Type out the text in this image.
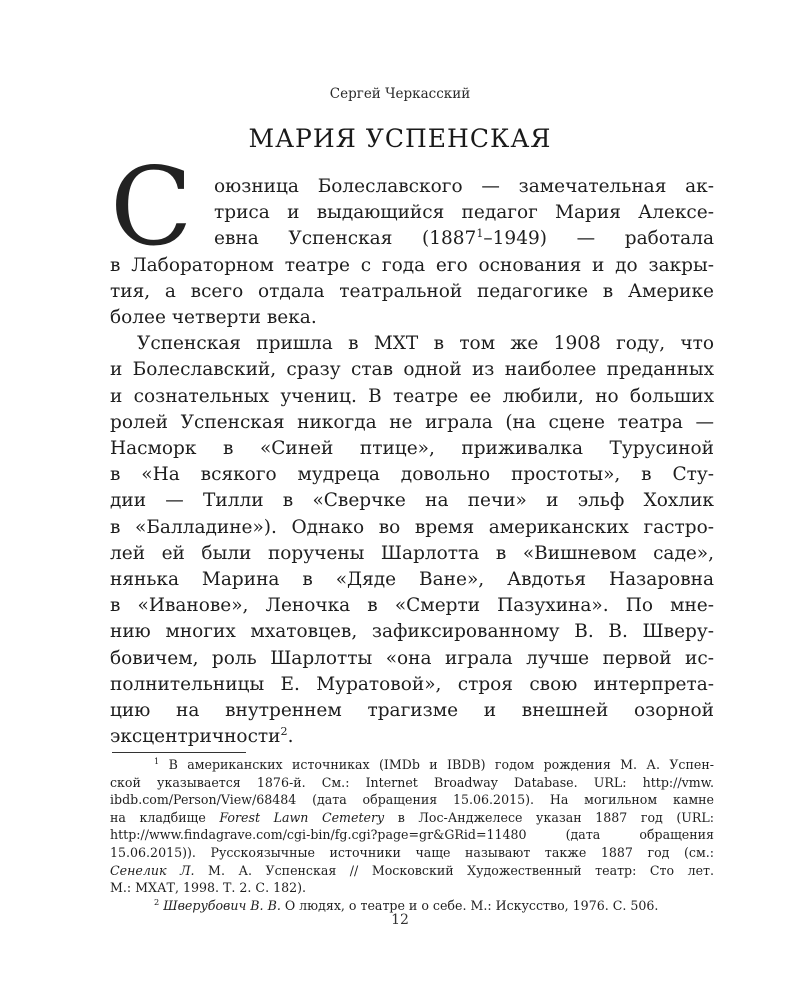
Сергей Черкасский
МАРИЯ УСПЕНСКАЯ

С	оюзница Болеславского — замечательная ак-
триса и выдающийся педагог Мария Алексе-
евна Успенская (1887$^1$–1949) — работала
в Лабораторном театре с года его основания и до закры-
тия, а всего отдала театральной педагогике в Америке
более четверти века.

Успенская пришла в МХТ в том же 1908 году, что
и Болеславский, сразу став одной из наиболее преданных
и сознательных учениц. В театре ее любили, но больших
ролей Успенская никогда не играла (на сцене театра —
Насморк в «Синей птице», приживалка Турусиной
в «На всякого мудреца довольно простоты», в Сту-
дии — Тилли в «Сверчке на печи» и эльф Хохлик
в «Балладине»). Однако во время американских гастро-
лей ей были поручены Шарлотта в «Вишневом саде»,
нянька Марина в «Дяде Ване», Авдотья Назаровна
в «Иванове», Леночка в «Смерти Пазухина». По мне-
нию многих мхатовцев, зафиксированному В. В. Шверу-
бовичем, роль Шарлотты «она играла лучше первой ис-
полнительницы Е. Муратовой», строя свою интерпрета-
цию на внутреннем трагизме и внешней озорной
эксцентричности$^2$.

$^1$ В американских источниках (IMDb и IBDB) годом рождения М. А. Успен-
ской указывается 1876-й. См.: Internet Broadway Database. URL: http://vmw.
ibdb.com/Person/View/68484 (дата обращения 15.06.2015). На могильном камне
на кладбище Forest Lawn Cemetery в Лос-Анджелесе указан 1887 год (URL:
http://www.findagrave.com/cgi-bin/fg.cgi?page=gr&GRid=11480 (дата обращения
15.06.2015)). Русскоязычные источники чаще называют также 1887 год (см.:
Сенелик Л. М. А. Успенская // Московский Художественный театр: Сто лет.
М.: МХАТ, 1998. Т. 2. С. 182).
$^2$ Шверубович В. В. О людях, о театре и о себе. М.: Искусство, 1976. С. 506.
12
